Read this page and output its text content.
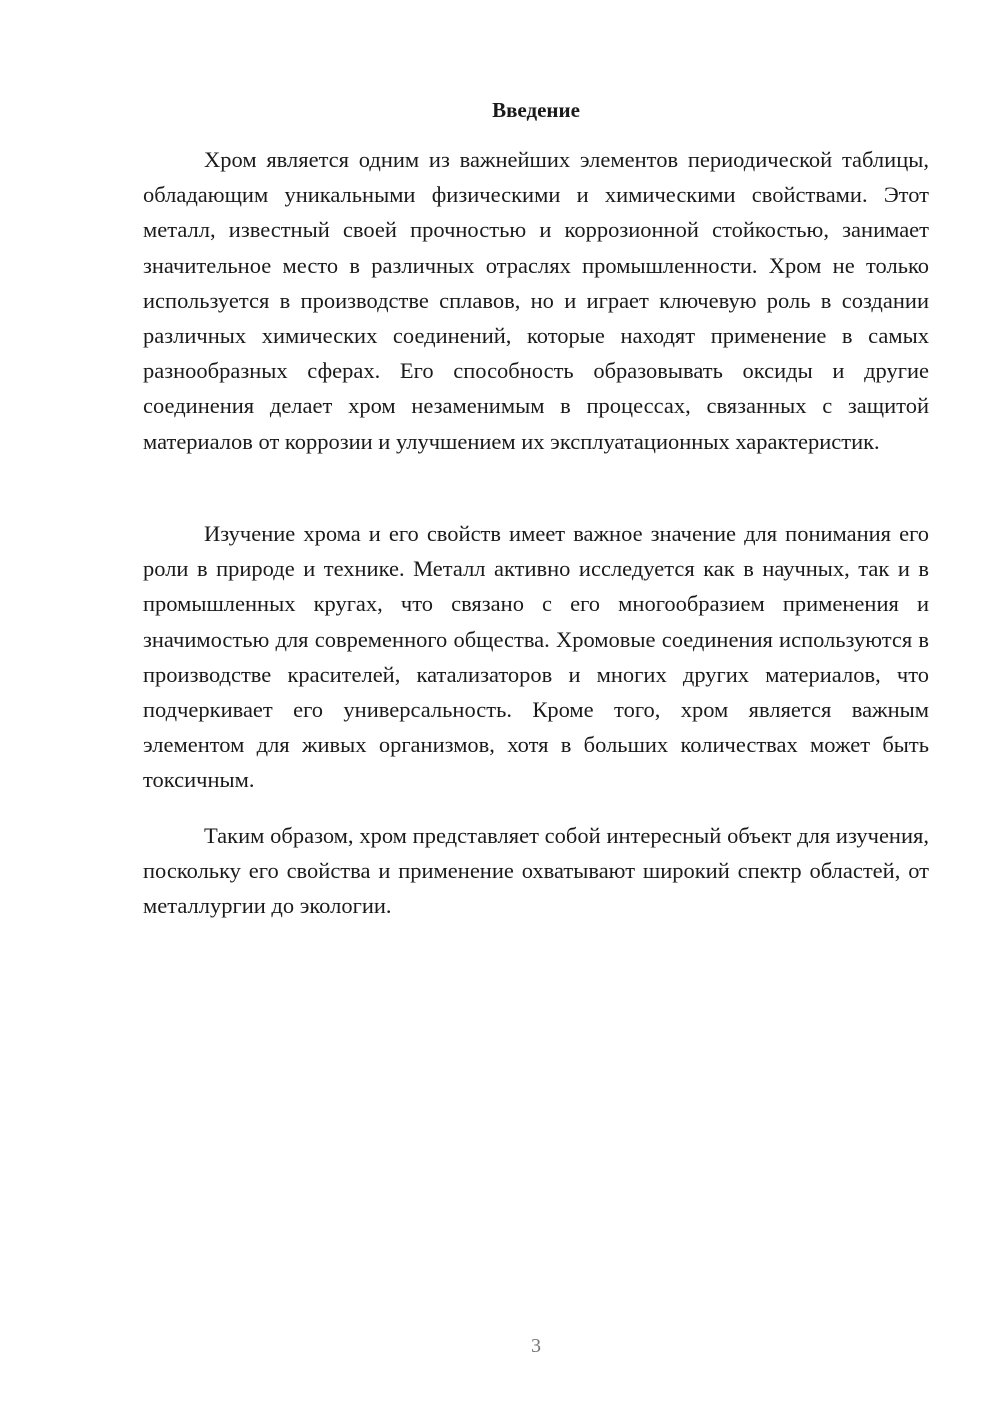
Введение

Хром является одним из важнейших элементов периодической таблицы, обладающим уникальными физическими и химическими свойствами. Этот металл, известный своей прочностью и коррозионной стойкостью, занимает значительное место в различных отраслях промышленности. Хром не только используется в производстве сплавов, но и играет ключевую роль в создании различных химических соединений, которые находят применение в самых разнообразных сферах. Его способность образовывать оксиды и другие соединения делает хром незаменимым в процессах, связанных с защитой материалов от коррозии и улучшением их эксплуатационных характеристик.

Изучение хрома и его свойств имеет важное значение для понимания его роли в природе и технике. Металл активно исследуется как в научных, так и в промышленных кругах, что связано с его многообразием применения и значимостью для современного общества. Хромовые соединения используются в производстве красителей, катализаторов и многих других материалов, что подчеркивает его универсальность. Кроме того, хром является важным элементом для живых организмов, хотя в больших количествах может быть токсичным.

Таким образом, хром представляет собой интересный объект для изучения, поскольку его свойства и применение охватывают широкий спектр областей, от металлургии до экологии.

3
